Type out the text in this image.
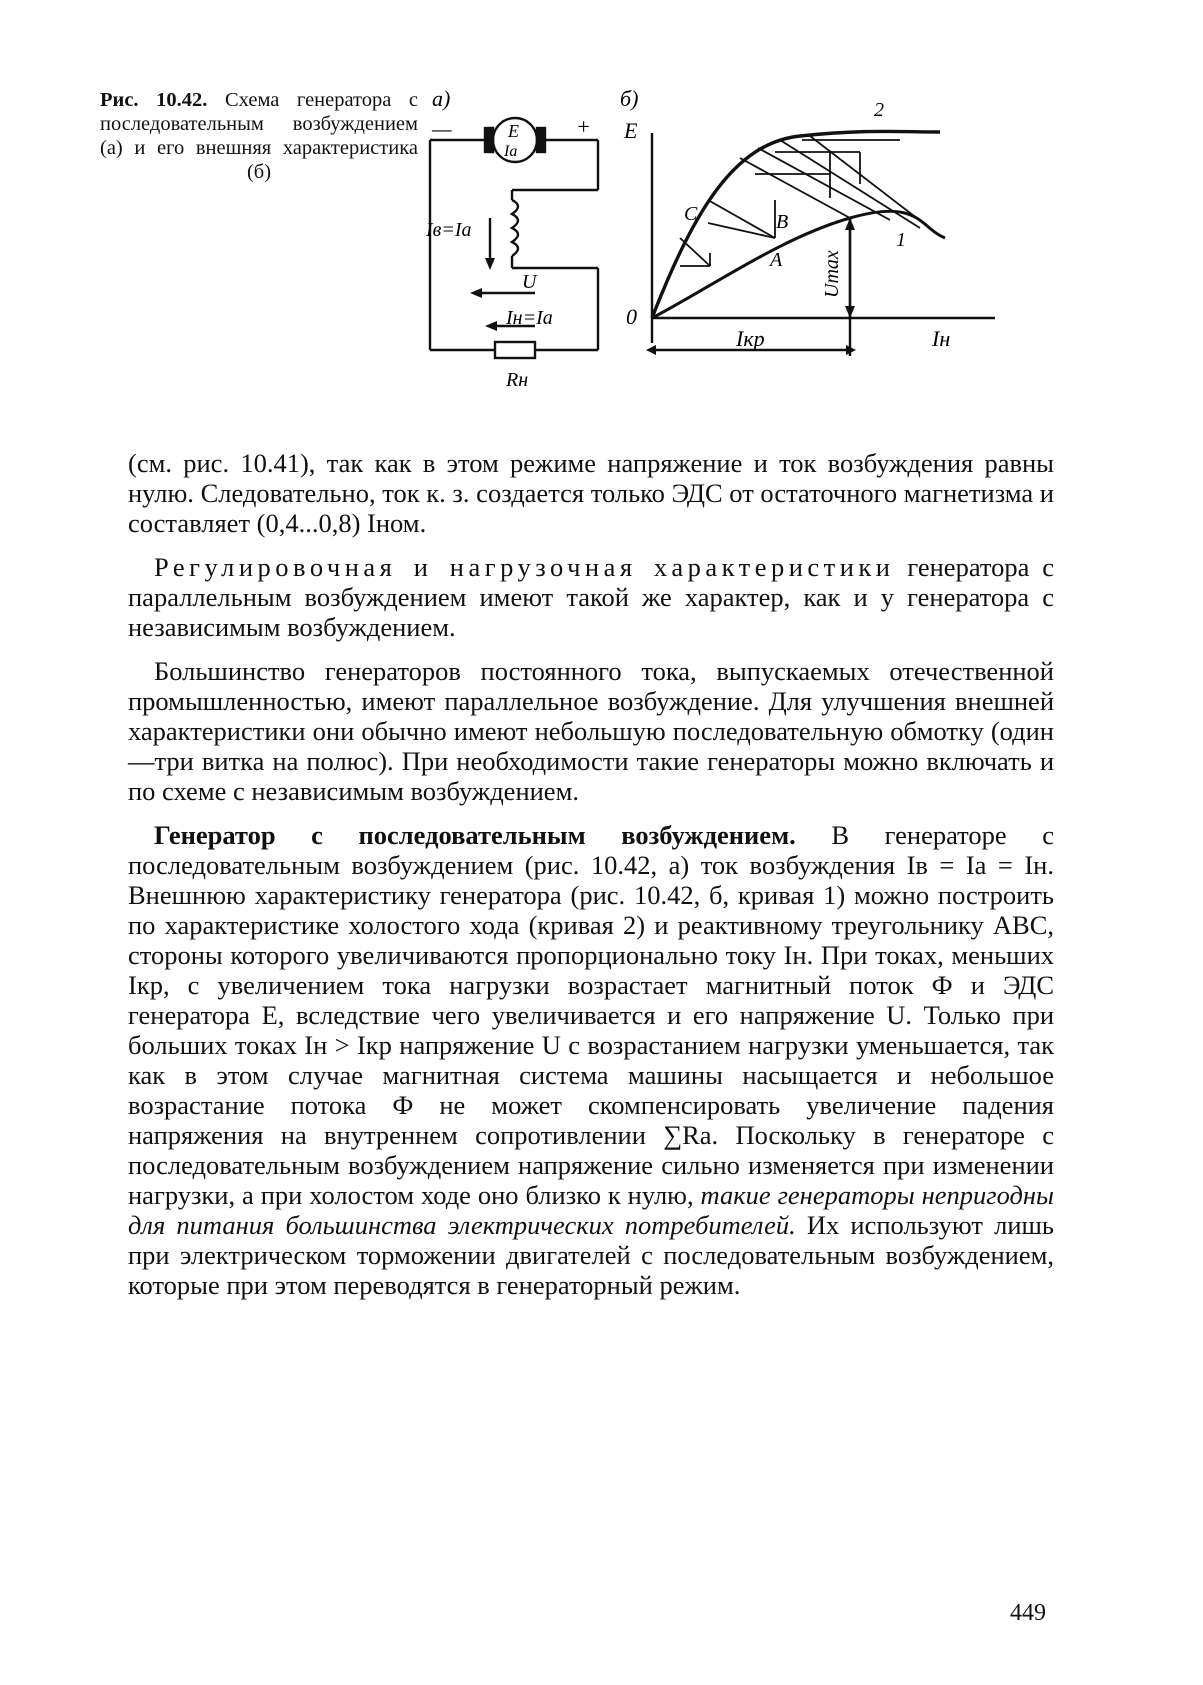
Рис. 10.42. Схема генератора с последовательным возбуждением (а) и его внешняя характеристика (б)
а)
—	+
E
Ia
Iв=Ia
U
Iн=Ia
Rн
б)
E
0
Iн
Iкр
Umax
1
2
A
B
C

(см. рис. 10.41), так как в этом режиме напряжение и ток возбуждения равны нулю. Следовательно, ток к. з. создается только ЭДС от остаточного магнетизма и составляет (0,4...0,8) Iном.

Регулировочная и нагрузочная характеристики генератора с параллельным возбуждением имеют такой же характер, как и у генератора с независимым возбуждением.

Большинство генераторов постоянного тока, выпускаемых отечественной промышленностью, имеют параллельное возбуждение. Для улучшения внешней характеристики они обычно имеют небольшую последовательную обмотку (один—три витка на полюс). При необходимости такие генераторы можно включать и по схеме с независимым возбуждением.

Генератор с последовательным возбуждением. В генераторе с последовательным возбуждением (рис. 10.42, а) ток возбуждения Iв = Iа = Iн. Внешнюю характеристику генератора (рис. 10.42, б, кривая 1) можно построить по характеристике холостого хода (кривая 2) и реактивному треугольнику ABC, стороны которого увеличиваются пропорционально току Iн. При токах, меньших Iкр, с увеличением тока нагрузки возрастает магнитный поток Ф и ЭДС генератора E, вследствие чего увеличивается и его напряжение U. Только при больших токах Iн > Iкр напряжение U с возрастанием нагрузки уменьшается, так как в этом случае магнитная система машины насыщается и небольшое возрастание потока Ф не может скомпенсировать увеличение падения напряжения на внутреннем сопротивлении ∑Ra. Поскольку в генераторе с последовательным возбуждением напряжение сильно изменяется при изменении нагрузки, а при холостом ходе оно близко к нулю, такие генераторы непригодны для питания большинства электрических потребителей. Их используют лишь при электрическом торможении двигателей с последовательным возбуждением, которые при этом переводятся в генераторный режим.

449
